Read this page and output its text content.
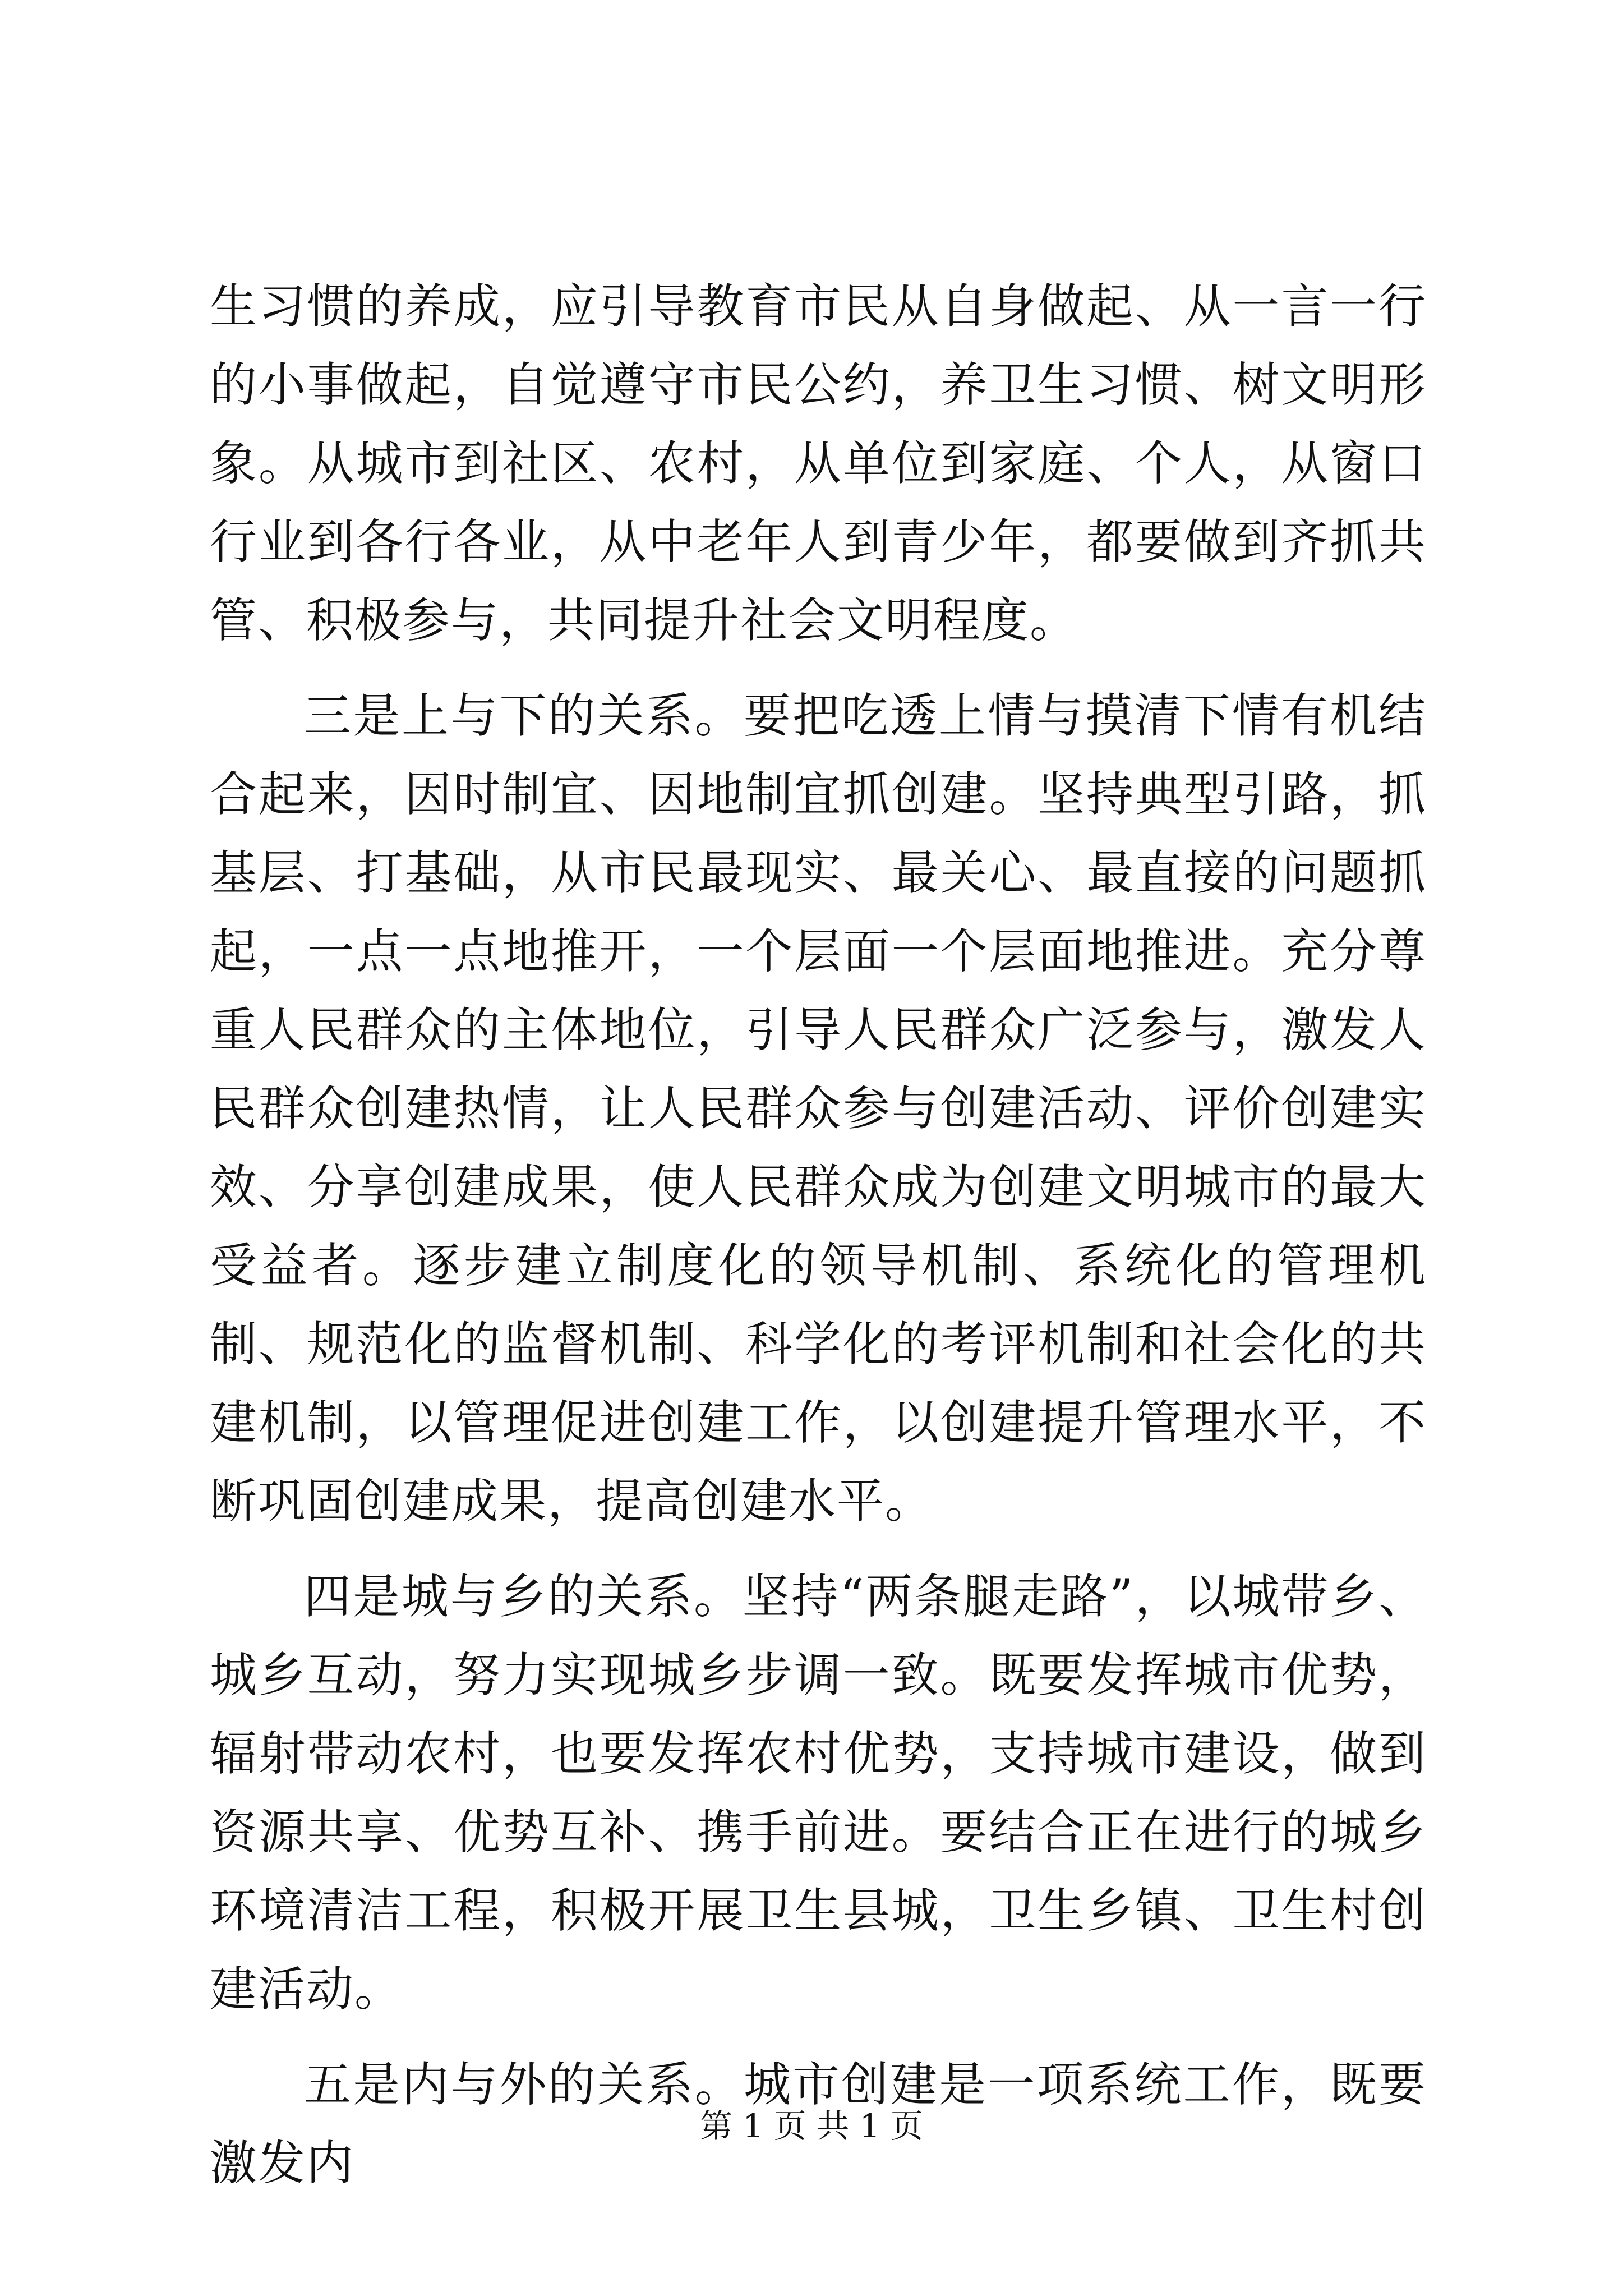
生习惯的养成，应引导教育市民从自身做起、从一言一行的小事做起，自觉遵守市民公约，养卫生习惯、树文明形象。从城市到社区、农村，从单位到家庭、个人，从窗口行业到各行各业，从中老年人到青少年，都要做到齐抓共管、积极参与，共同提升社会文明程度。

三是上与下的关系。要把吃透上情与摸清下情有机结合起来，因时制宜、因地制宜抓创建。坚持典型引路，抓基层、打基础，从市民最现实、最关心、最直接的问题抓起，一点一点地推开，一个层面一个层面地推进。充分尊重人民群众的主体地位，引导人民群众广泛参与，激发人民群众创建热情，让人民群众参与创建活动、评价创建实效、分享创建成果，使人民群众成为创建文明城市的最大受益者。逐步建立制度化的领导机制、系统化的管理机制、规范化的监督机制、科学化的考评机制和社会化的共建机制，以管理促进创建工作，以创建提升管理水平，不断巩固创建成果，提高创建水平。

四是城与乡的关系。坚持“两条腿走路”，以城带乡、城乡互动，努力实现城乡步调一致。既要发挥城市优势，辐射带动农村，也要发挥农村优势，支持城市建设，做到资源共享、优势互补、携手前进。要结合正在进行的城乡环境清洁工程，积极开展卫生县城，卫生乡镇、卫生村创建活动。

五是内与外的关系。城市创建是一项系统工作，既要激发内

第 1 页 共 1 页
